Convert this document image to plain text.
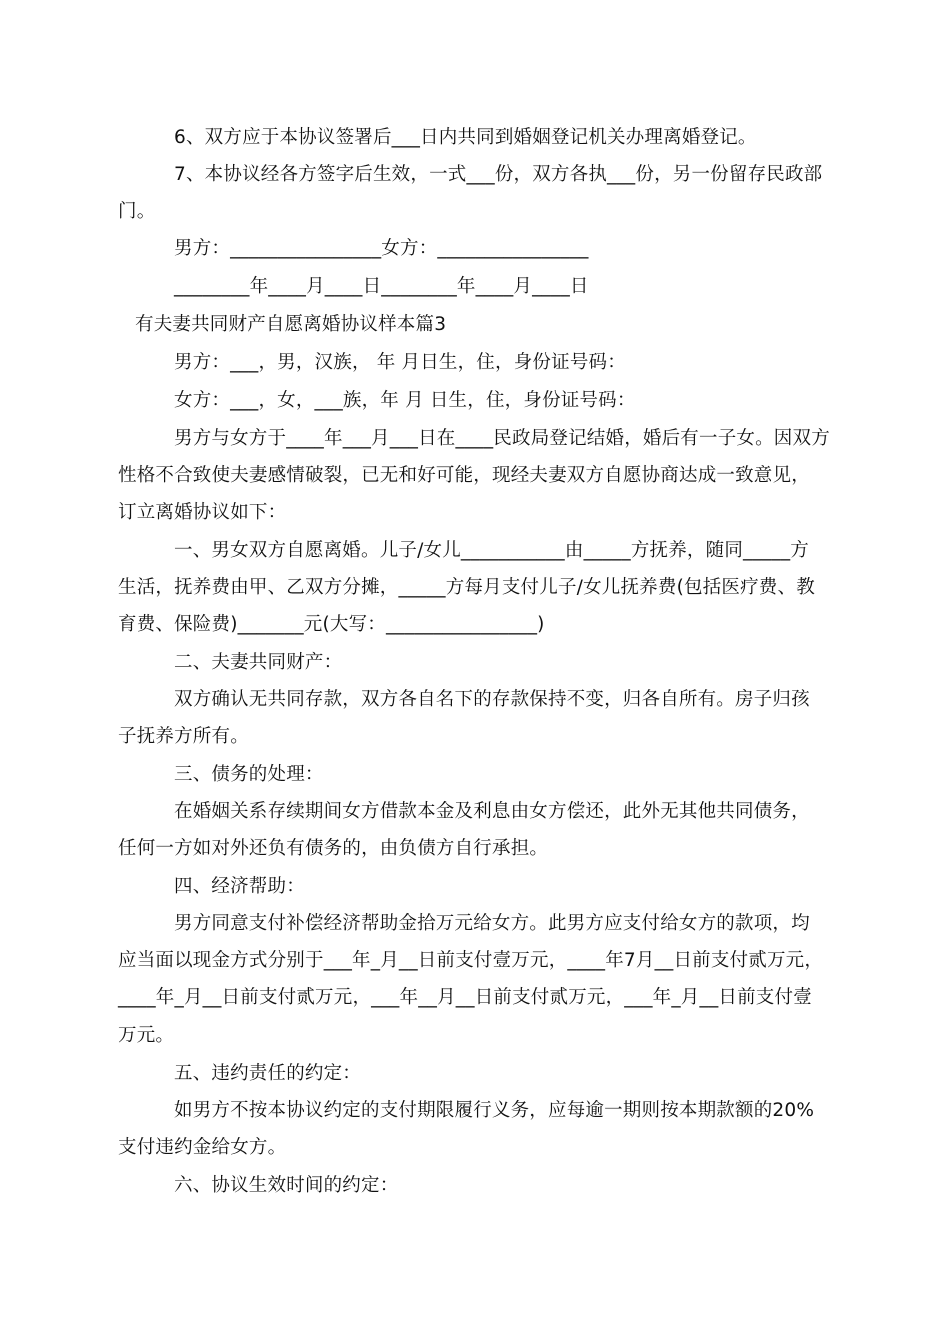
6、双方应于本协议签署后___日内共同到婚姻登记机关办理离婚登记。
7、本协议经各方签字后生效，一式___份，双方各执___份，另一份留存民政部
门。
男方：________________女方：________________
________年____月____日________年____月____日
有夫妻共同财产自愿离婚协议样本篇3
男方：___，男，汉族， 年 月日生，住，身份证号码：
女方：___，女，___族，年 月 日生，住，身份证号码：
男方与女方于____年___月___日在____民政局登记结婚，婚后有一子女。因双方
性格不合致使夫妻感情破裂，已无和好可能，现经夫妻双方自愿协商达成一致意见，
订立离婚协议如下：
一、男女双方自愿离婚。儿子/女儿___________由_____方抚养，随同_____方
生活，抚养费由甲、乙双方分摊，_____方每月支付儿子/女儿抚养费(包括医疗费、教
育费、保险费)_______元(大写：________________)
二、夫妻共同财产：
双方确认无共同存款，双方各自名下的存款保持不变，归各自所有。房子归孩
子抚养方所有。
三、债务的处理：
在婚姻关系存续期间女方借款本金及利息由女方偿还，此外无其他共同债务，
任何一方如对外还负有债务的，由负债方自行承担。
四、经济帮助：
男方同意支付补偿经济帮助金拾万元给女方。此男方应支付给女方的款项，均
应当面以现金方式分别于___年_月__日前支付壹万元，____年7月__日前支付贰万元，
____年_月__日前支付贰万元，___年__月__日前支付贰万元，___年_月__日前支付壹
万元。
五、违约责任的约定：
如男方不按本协议约定的支付期限履行义务，应每逾一期则按本期款额的20%
支付违约金给女方。
六、协议生效时间的约定：
